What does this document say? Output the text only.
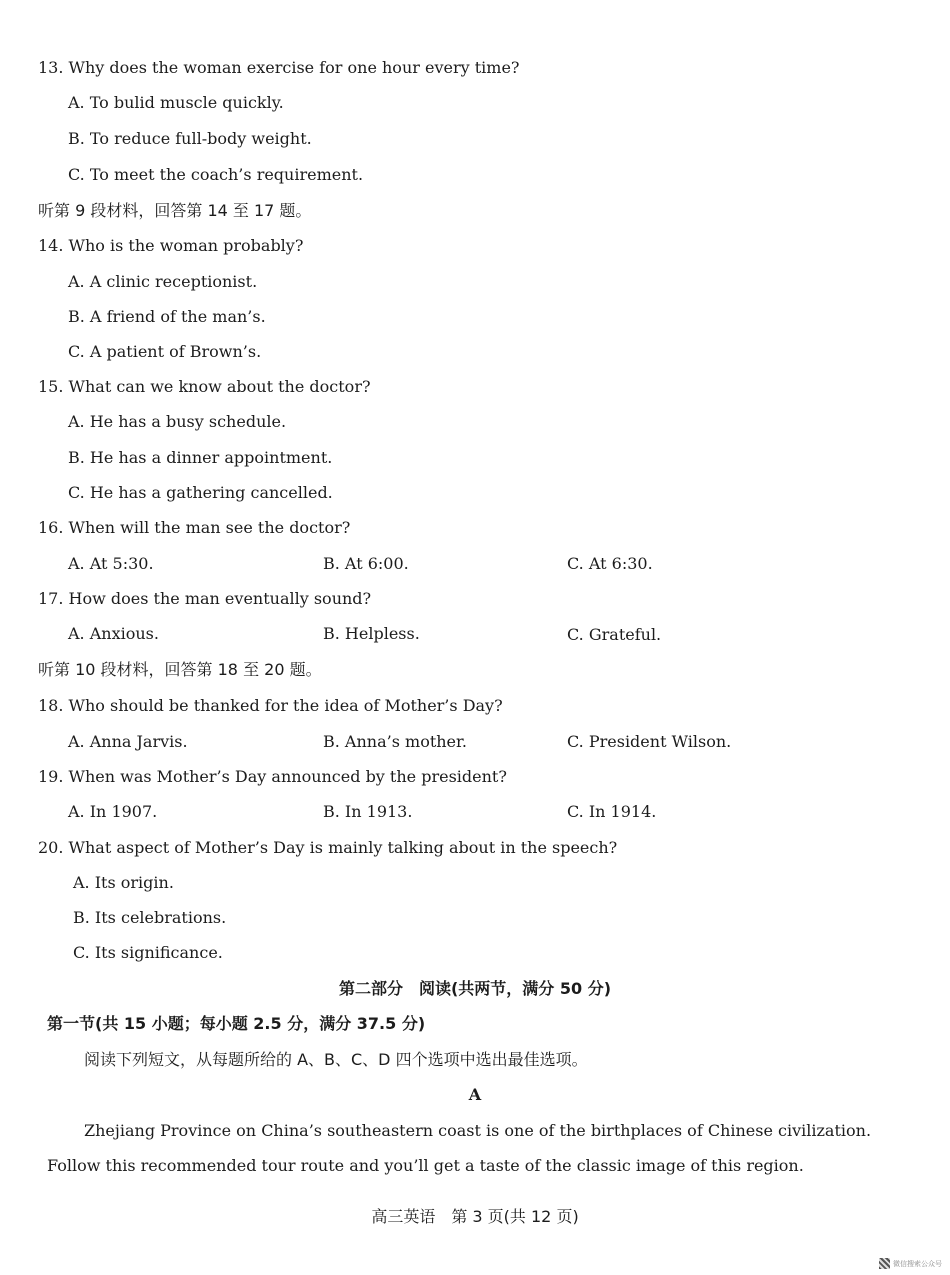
13. Why does the woman exercise for one hour every time?
A. To bulid muscle quickly.
B. To reduce full-body weight.
C. To meet the coach’s requirement.
听第 9 段材料，回答第 14 至 17 题。
14. Who is the woman probably?
A. A clinic receptionist.
B. A friend of the man’s.
C. A patient of Brown’s.
15. What can we know about the doctor?
A. He has a busy schedule.
B. He has a dinner appointment.
C. He has a gathering cancelled.
16. When will the man see the doctor?
A. At 5:30.	B. At 6:00.	C. At 6:30.
17. How does the man eventually sound?
A. Anxious.	B. Helpless.	C. Grateful.
听第 10 段材料，回答第 18 至 20 题。
18. Who should be thanked for the idea of Mother’s Day?
A. Anna Jarvis.	B. Anna’s mother.	C. President Wilson.
19. When was Mother’s Day announced by the president?
A. In 1907.	B. In 1913.	C. In 1914.
20. What aspect of Mother’s Day is mainly talking about in the speech?
A. Its origin.
B. Its celebrations.
C. Its significance.
第二部分　阅读(共两节，满分 50 分)
第一节(共 15 小题；每小题 2.5 分，满分 37.5 分)
阅读下列短文，从每题所给的 A、B、C、D 四个选项中选出最佳选项。
A
Zhejiang Province on China’s southeastern coast is one of the birthplaces of Chinese civilization.
Follow this recommended tour route and you’ll get a taste of the classic image of this region.
高三英语　第 3 页(共 12 页)
微信搜索公众号
